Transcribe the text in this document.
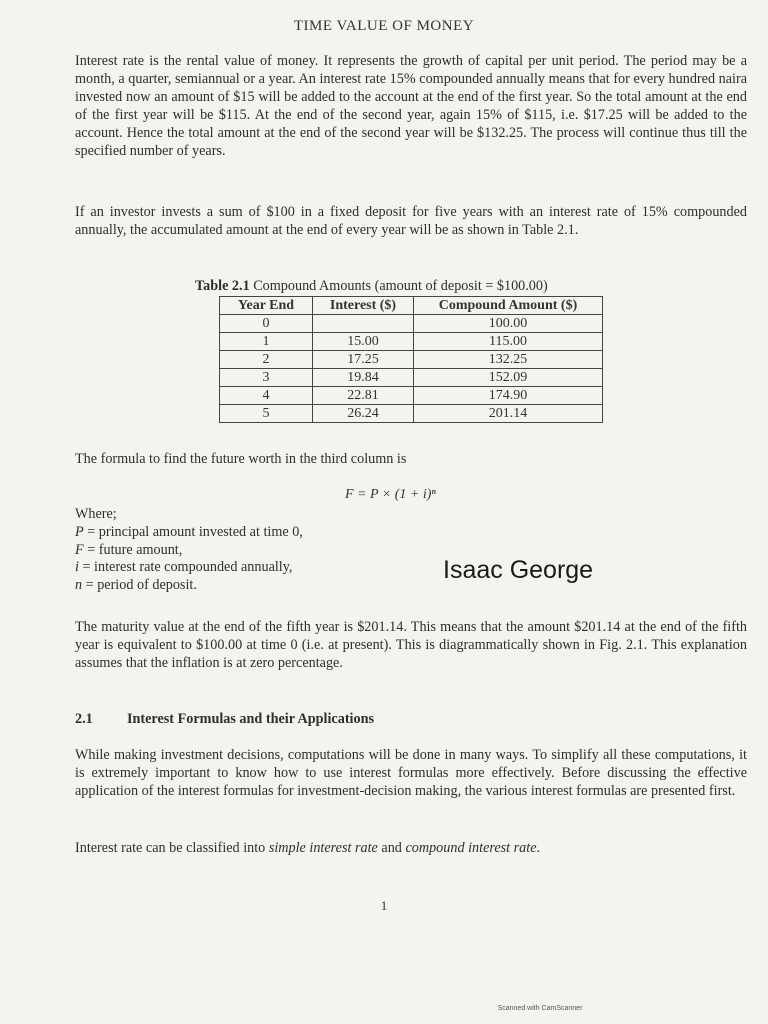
TIME VALUE OF MONEY
Interest rate is the rental value of money. It represents the growth of capital per unit period. The period may be a month, a quarter, semiannual or a year. An interest rate 15% compounded annually means that for every hundred naira invested now an amount of $15 will be added to the account at the end of the first year. So the total amount at the end of the first year will be $115. At the end of the second year, again 15% of $115, i.e. $17.25 will be added to the account. Hence the total amount at the end of the second year will be $132.25. The process will continue thus till the specified number of years.
If an investor invests a sum of $100 in a fixed deposit for five years with an interest rate of 15% compounded annually, the accumulated amount at the end of every year will be as shown in Table 2.1.
Table 2.1 Compound Amounts (amount of deposit = $100.00)
Year End	Interest ($)	Compound Amount ($)
0		100.00
1	15.00	115.00
2	17.25	132.25
3	19.84	152.09
4	22.81	174.90
5	26.24	201.14
The formula to find the future worth in the third column is
F = P × (1 + i)ⁿ
Where;
P = principal amount invested at time 0,
F = future amount,
i = interest rate compounded annually,
n = period of deposit.
Isaac George
The maturity value at the end of the fifth year is $201.14. This means that the amount $201.14 at the end of the fifth year is equivalent to $100.00 at time 0 (i.e. at present). This is diagrammatically shown in Fig. 2.1. This explanation assumes that the inflation is at zero percentage.
2.1 Interest Formulas and their Applications
While making investment decisions, computations will be done in many ways. To simplify all these computations, it is extremely important to know how to use interest formulas more effectively. Before discussing the effective application of the interest formulas for investment-decision making, the various interest formulas are presented first.
Interest rate can be classified into simple interest rate and compound interest rate.
1
Scanned with CamScanner
